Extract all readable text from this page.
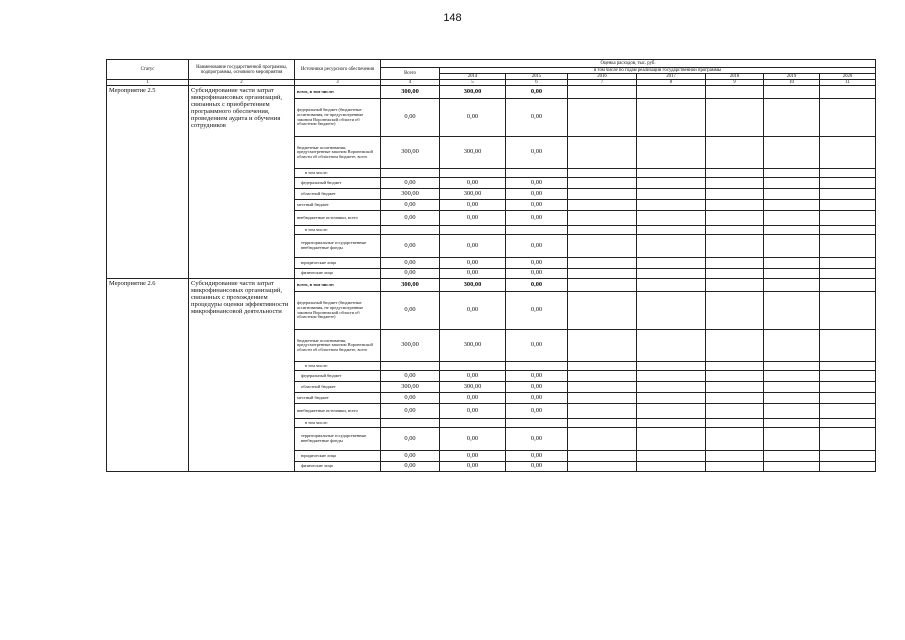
148
Статус	Наименование государственной программы, подпрограммы, основного мероприятия	Источники ресурсного обеспечения	Оценка расходов, тыс. руб.							
			Всего	в том числе по годам реализации государственной программы						
				2014	2015	2016	2017	2018	2019	2020
1	2	3	4	5	6	7	8	9	10	11
Мероприятие 2.5	Субсидирование части затрат микрофинансовых организаций, связанных с приобретением программного обеспечения, проведением аудита и обучения сотрудников	всего, в том числе:	300,00	300,00	0,00					
		федеральный бюджет (бюджетные ассигнования, не предусмотренные законом Воронежской области об областном бюджете)	0,00	0,00	0,00					
		бюджетные ассигнования, предусмотренные законом Воронежской области об областном бюджете, всего	300,00	300,00	0,00					
		в том числе:								
		федеральный бюджет	0,00	0,00	0,00					
		областной бюджет	300,00	300,00	0,00					
		местный бюджет	0,00	0,00	0,00					
		внебюджетные источники, всего	0,00	0,00	0,00					
		в том числе:								
		территориальные государственные внебюджетные фонды	0,00	0,00	0,00					
		юридические лица	0,00	0,00	0,00					
		физические лица	0,00	0,00	0,00					
Мероприятие 2.6	Субсидирование части затрат микрофинансовых организаций, связанных с прохождением процедуры оценки эффективности микрофинансовой деятельности	всего, в том числе:	300,00	300,00	0,00					
		федеральный бюджет (бюджетные ассигнования, не предусмотренные законом Воронежской области об областном бюджете)	0,00	0,00	0,00					
		бюджетные ассигнования, предусмотренные законом Воронежской области об областном бюджете, всего	300,00	300,00	0,00					
		в том числе:								
		федеральный бюджет	0,00	0,00	0,00					
		областной бюджет	300,00	300,00	0,00					
		местный бюджет	0,00	0,00	0,00					
		внебюджетные источники, всего	0,00	0,00	0,00					
		в том числе:								
		территориальные государственные внебюджетные фонды	0,00	0,00	0,00					
		юридические лица	0,00	0,00	0,00					
		физические лица	0,00	0,00	0,00					
